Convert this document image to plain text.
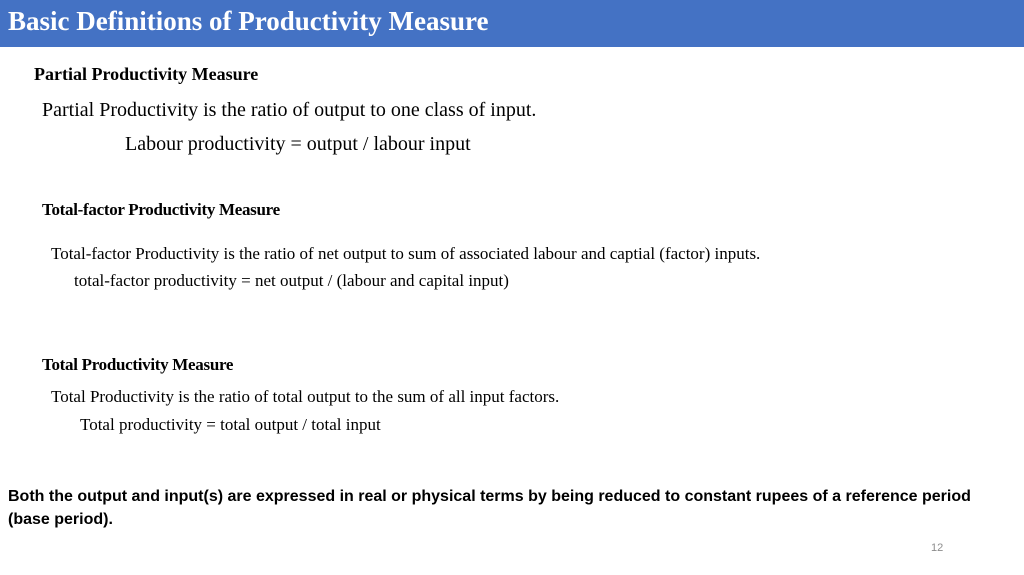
Basic Definitions of Productivity Measure
Partial Productivity Measure
Partial Productivity is the ratio of output to one class of input.
Labour productivity = output / labour input
Total-factor Productivity Measure
Total-factor Productivity is the ratio of net output to sum of associated labour and captial (factor) inputs.
total-factor productivity = net output / (labour and capital input)
Total Productivity Measure
Total Productivity is the ratio of total output to the sum of all input factors.
Total productivity = total output / total input
Both the output and input(s) are expressed in real or physical terms by being reduced to constant rupees of a reference period (base period).
12
